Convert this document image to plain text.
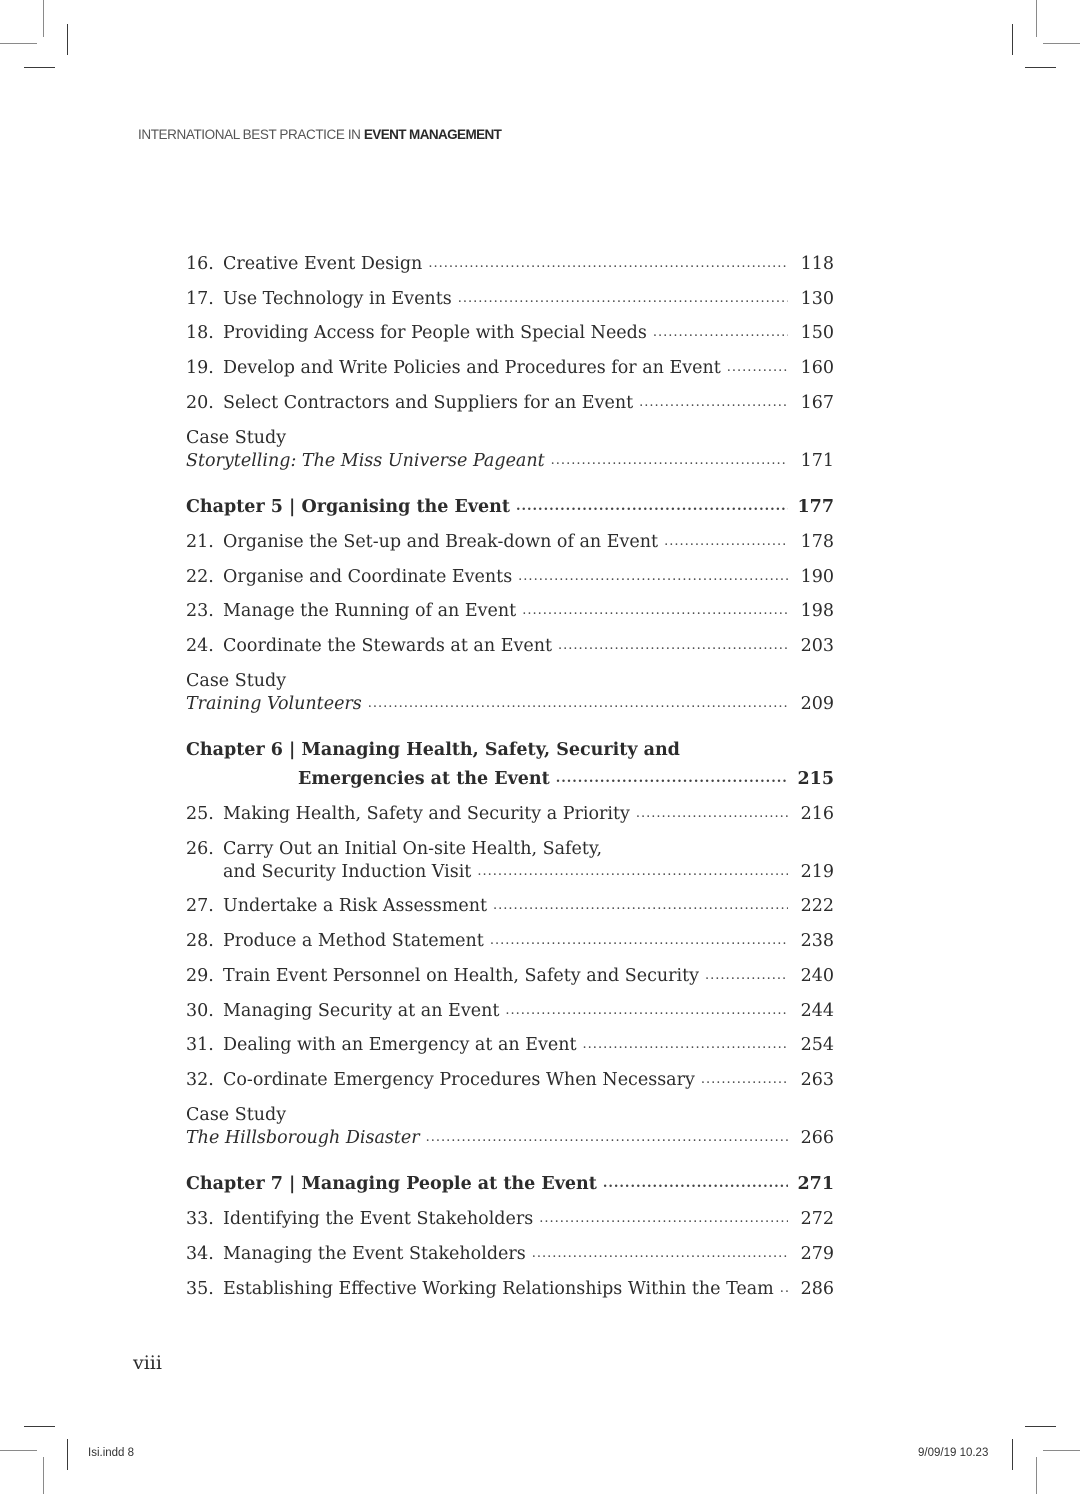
INTERNATIONAL BEST PRACTICE IN EVENT MANAGEMENT
16. Creative Event Design .....	118
17. Use Technology in Events .....	130
18. Providing Access for People with Special Needs .....	150
19. Develop and Write Policies and Procedures for an Event .....	160
20. Select Contractors and Suppliers for an Event .....	167
Case Study
Storytelling: The Miss Universe Pageant .....	171
Chapter 5 | Organising the Event .....	177
21. Organise the Set-up and Break-down of an Event .....	178
22. Organise and Coordinate Events .....	190
23. Manage the Running of an Event .....	198
24. Coordinate the Stewards at an Event .....	203
Case Study
Training Volunteers .....	209
Chapter 6 | Managing Health, Safety, Security and
Emergencies at the Event .....	215
25. Making Health, Safety and Security a Priority .....	216
26. Carry Out an Initial On-site Health, Safety,
and Security Induction Visit .....	219
27. Undertake a Risk Assessment .....	222
28. Produce a Method Statement .....	238
29. Train Event Personnel on Health, Safety and Security .....	240
30. Managing Security at an Event .....	244
31. Dealing with an Emergency at an Event .....	254
32. Co-ordinate Emergency Procedures When Necessary .....	263
Case Study
The Hillsborough Disaster .....	266
Chapter 7 | Managing People at the Event .....	271
33. Identifying the Event Stakeholders .....	272
34. Managing the Event Stakeholders .....	279
35. Establishing Effective Working Relationships Within the Team .....	286
viii
Isi.indd 8	9/09/19 10.23
